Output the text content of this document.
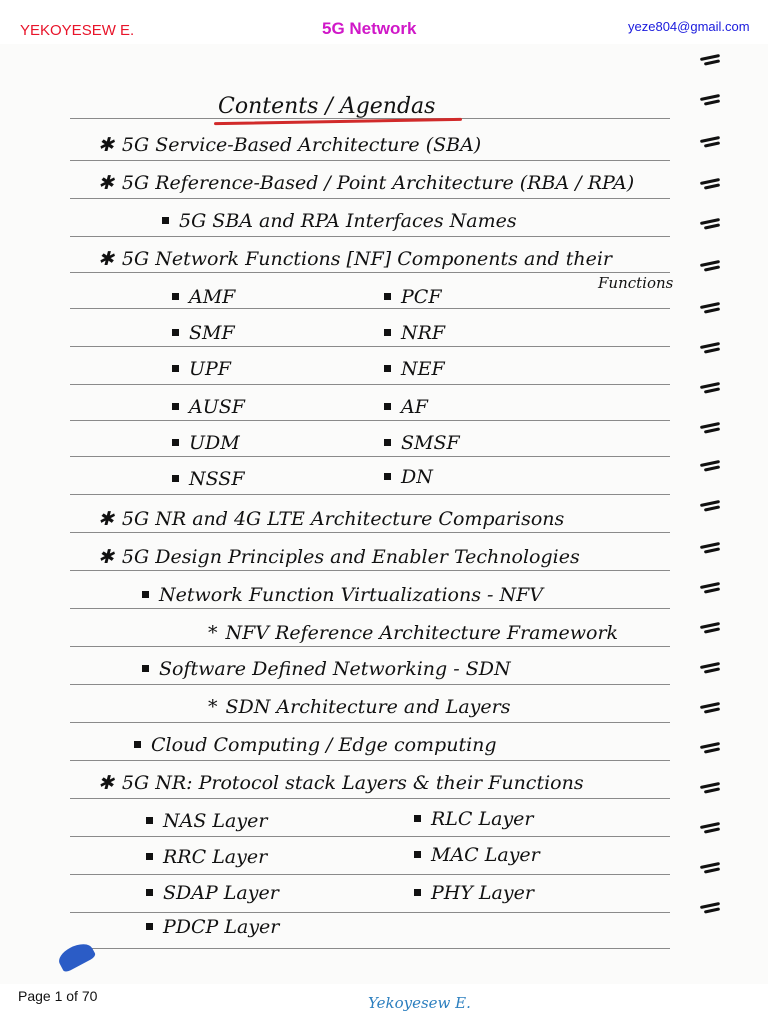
YEKOYESEW E.	5G Network	yeze804@gmail.com
Contents / Agendas
✱ 5G Service-Based Architecture (SBA)
✱ 5G Reference-Based / Point Architecture (RBA / RPA)
5G SBA and RPA Interfaces Names
✱ 5G Network Functions [NF] Components and their
Functions
AMF	PCF
SMF	NRF
UPF	NEF
AUSF	AF
UDM	SMSF
NSSF	DN
✱ 5G NR and 4G LTE Architecture Comparisons
✱ 5G Design Principles and Enabler Technologies
Network Function Virtualizations - NFV
* NFV Reference Architecture Framework
Software Defined Networking - SDN
* SDN Architecture and Layers
Cloud Computing / Edge computing
✱ 5G NR: Protocol stack Layers & their Functions
NAS Layer	RLC Layer
RRC Layer	MAC Layer
SDAP Layer	PHY Layer
PDCP Layer
Page 1 of 70	Yekoyesew E.
